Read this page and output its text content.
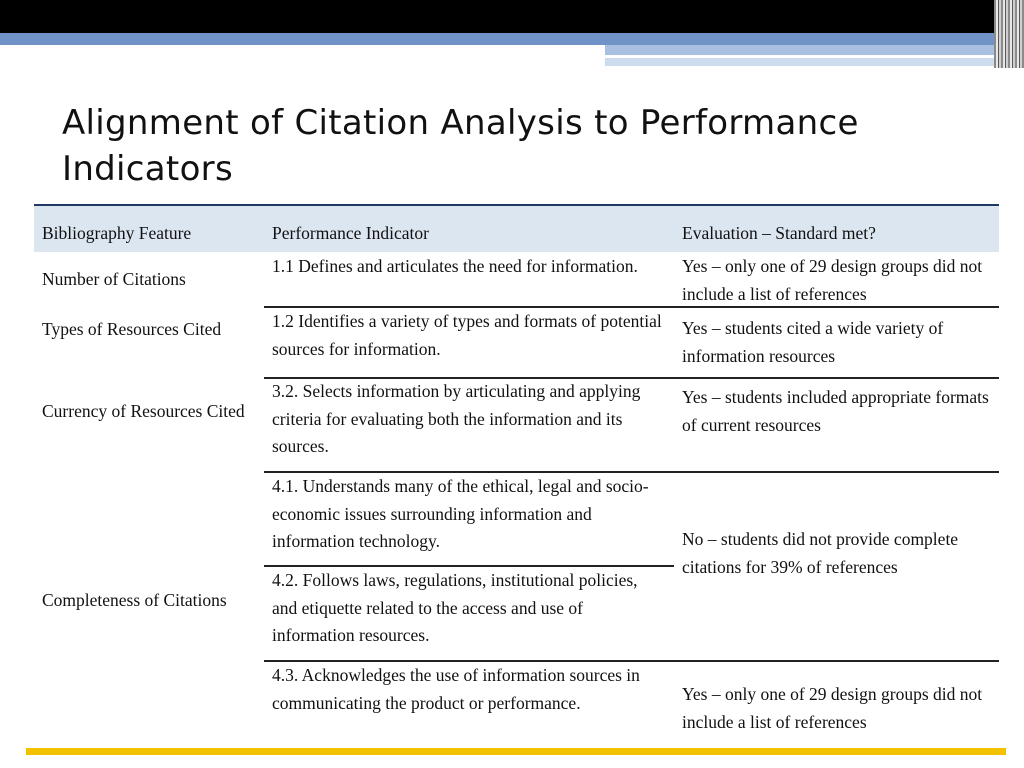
Alignment of Citation Analysis to Performance Indicators
Bibliography Feature	Performance Indicator	Evaluation – Standard met?
Number of Citations
Types of Resources Cited
Currency of Resources Cited
Completeness of Citations
1.1 Defines and articulates the need for information.
1.2 Identifies a variety of types and formats of potential sources for information.
3.2. Selects information by articulating and applying criteria for evaluating both the information and its sources.
4.1. Understands many of the ethical, legal and socio-economic issues surrounding information and information technology.
4.2. Follows laws, regulations, institutional policies, and etiquette related to the access and use of information resources.
4.3. Acknowledges the use of information sources in communicating the product or performance.
Yes – only one of 29 design groups did not include a list of references
Yes – students cited a wide variety of information resources
Yes – students included appropriate formats of current resources
No – students did not provide complete citations for 39% of references
Yes – only one of 29 design groups did not include a list of references
